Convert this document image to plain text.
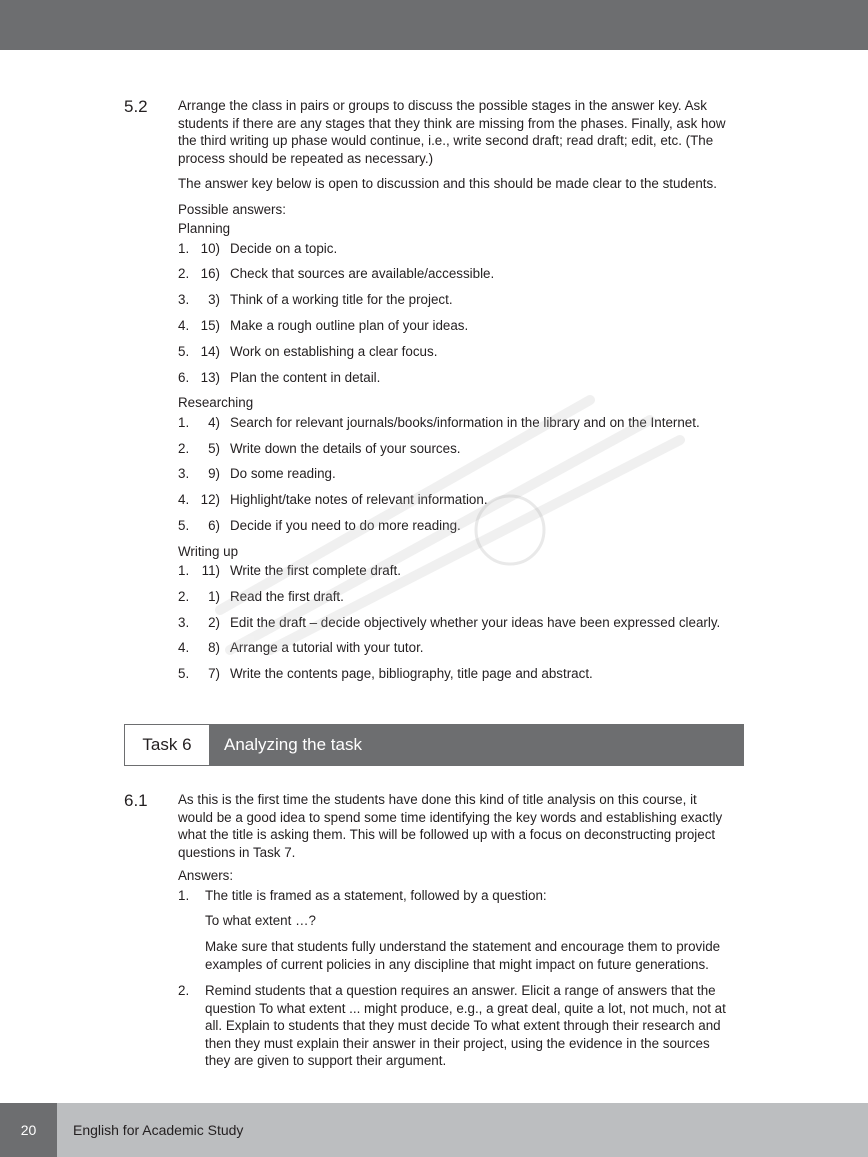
5.2 Arrange the class in pairs or groups to discuss the possible stages in the answer key. Ask students if there are any stages that they think are missing from the phases. Finally, ask how the third writing up phase would continue, i.e., write second draft; read draft; edit, etc. (The process should be repeated as necessary.)
The answer key below is open to discussion and this should be made clear to the students.
Possible answers:
Planning
1. 10) Decide on a topic.
2. 16) Check that sources are available/accessible.
3.	3) Think of a working title for the project.
4. 15) Make a rough outline plan of your ideas.
5. 14) Work on establishing a clear focus.
6. 13) Plan the content in detail.
Researching
1.	4) Search for relevant journals/books/information in the library and on the Internet.
2.	5) Write down the details of your sources.
3.	9) Do some reading.
4. 12) Highlight/take notes of relevant information.
5.	6) Decide if you need to do more reading.
Writing up
1. 11) Write the first complete draft.
2.	1) Read the first draft.
3.	2) Edit the draft – decide objectively whether your ideas have been expressed clearly.
4.	8) Arrange a tutorial with your tutor.
5.	7) Write the contents page, bibliography, title page and abstract.
Task 6	Analyzing the task
6.1 As this is the first time the students have done this kind of title analysis on this course, it would be a good idea to spend some time identifying the key words and establishing exactly what the title is asking them. This will be followed up with a focus on deconstructing project questions in Task 7.
Answers:
1. The title is framed as a statement, followed by a question:
To what extent …?
Make sure that students fully understand the statement and encourage them to provide examples of current policies in any discipline that might impact on future generations.
2. Remind students that a question requires an answer. Elicit a range of answers that the question To what extent ... might produce, e.g., a great deal, quite a lot, not much, not at all. Explain to students that they must decide To what extent through their research and then they must explain their answer in their project, using the evidence in the sources they are given to support their argument.
20	English for Academic Study
